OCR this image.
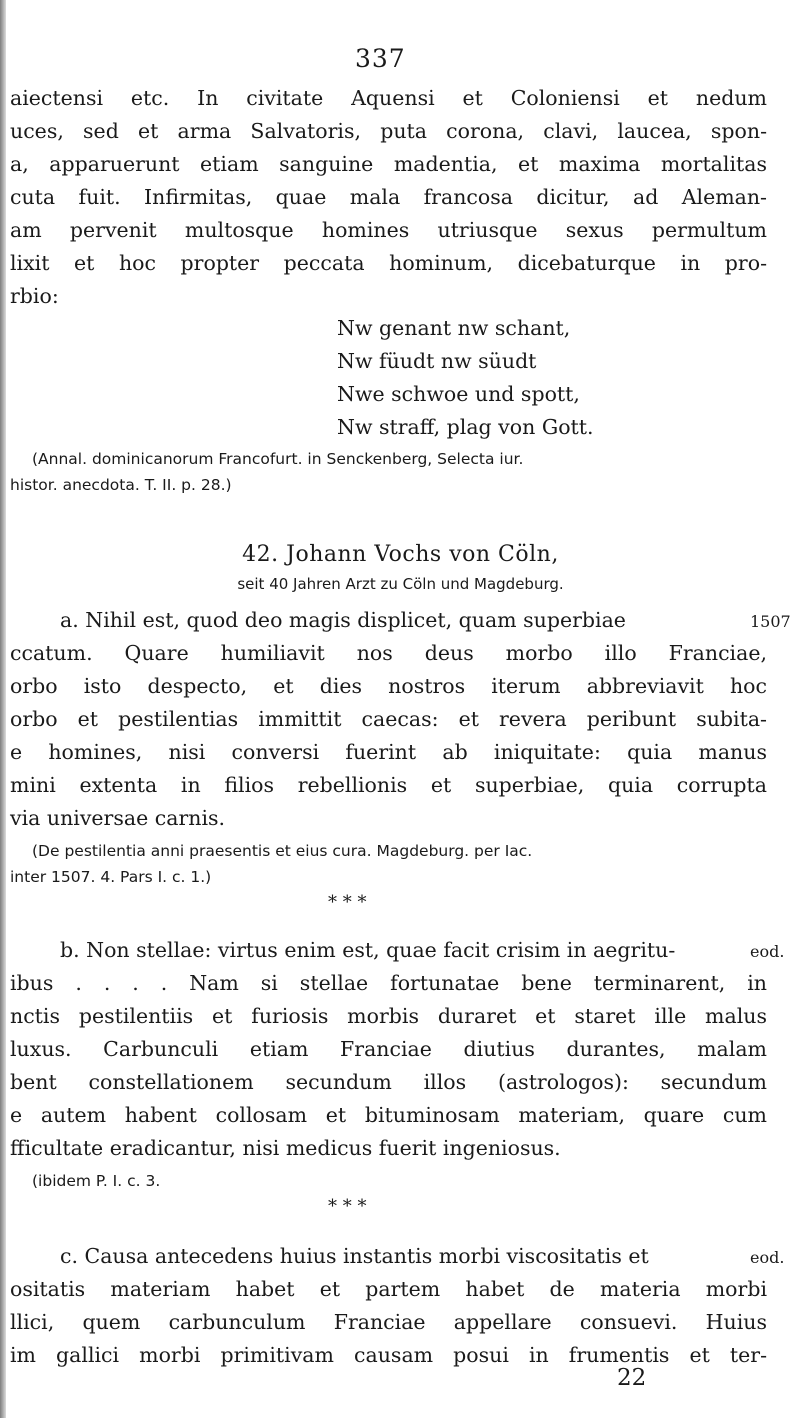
337
aiectensi etc. In civitate Aquensi et Coloniensi et nedum
uces, sed et arma Salvatoris, puta corona, clavi, laucea, spon-
a, apparuerunt etiam sanguine madentia, et maxima mortalitas
cuta fuit. Infirmitas, quae mala francosa dicitur, ad Aleman-
am pervenit multosque homines utriusque sexus permultum
lixit et hoc propter peccata hominum, dicebaturque in pro-
rbio:
Nw genant nw schant,
Nw füudt nw süudt
Nwe schwoe und spott,
Nw straff, plag von Gott.
(Annal. dominicanorum Francofurt. in Senckenberg, Selecta iur.
histor. anecdota. T. II. p. 28.)
42. Johann Vochs von Cöln,
seit 40 Jahren Arzt zu Cöln und Magdeburg.
1507
a. Nihil est, quod deo magis displicet, quam superbiae
ccatum. Quare humiliavit nos deus morbo illo Franciae,
orbo isto despecto, et dies nostros iterum abbreviavit hoc
orbo et pestilentias immittit caecas: et revera peribunt subita-
e homines, nisi conversi fuerint ab iniquitate: quia manus
mini extenta in filios rebellionis et superbiae, quia corrupta
via universae carnis.
(De pestilentia anni praesentis et eius cura. Magdeburg. per Iac.
inter 1507. 4. Pars I. c. 1.)
* * *
eod.
b. Non stellae: virtus enim est, quae facit crisim in aegritu-
ibus . . . . Nam si stellae fortunatae bene terminarent, in
nctis pestilentiis et furiosis morbis duraret et staret ille malus
luxus. Carbunculi etiam Franciae diutius durantes, malam
bent constellationem secundum illos (astrologos): secundum
e autem habent collosam et bituminosam materiam, quare cum
fficultate eradicantur, nisi medicus fuerit ingeniosus.
(ibidem P. I. c. 3.
* * *
eod.
c. Causa antecedens huius instantis morbi viscositatis et
ositatis materiam habet et partem habet de materia morbi
llici, quem carbunculum Franciae appellare consuevi. Huius
im gallici morbi primitivam causam posui in frumentis et ter-
22
